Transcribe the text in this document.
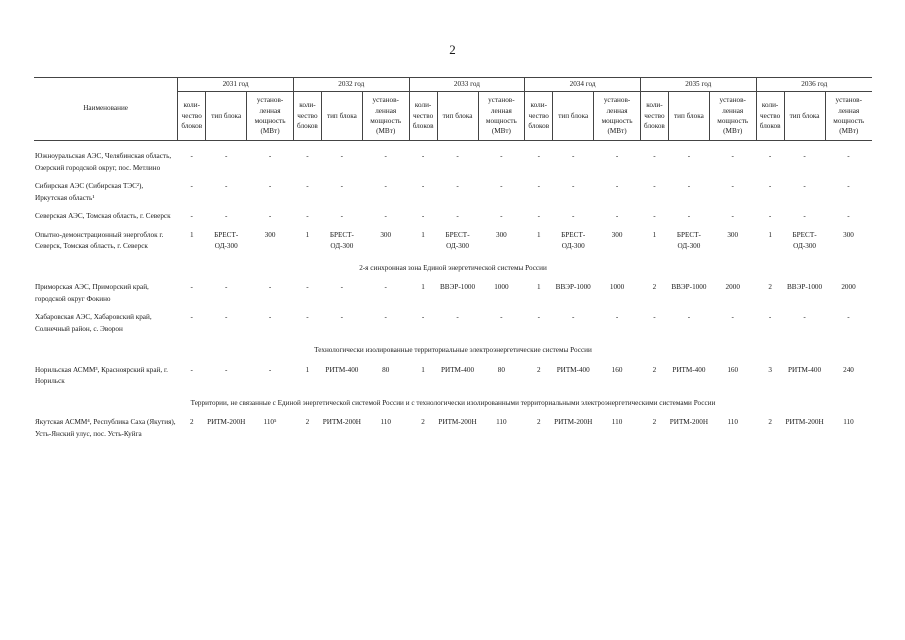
2
Наименование	2031 год			2032 год			2033 год			2034 год			2035 год			2036 год		
	коли-чество блоков	тип блока	установ-ленная мощность (МВт)	коли-чество блоков	тип блока	установ-ленная мощность (МВт)	коли-чество блоков	тип блока	установ-ленная мощность (МВт)	коли-чество блоков	тип блока	установ-ленная мощность (МВт)	коли-чество блоков	тип блока	установ-ленная мощность (МВт)	коли-чество блоков	тип блока	установ-ленная мощность (МВт)

Южноуральская АЭС, Челябинская область, Озерский городской округ, пос. Метлино	-	-	-	-	-	-	-	-	-	-	-	-	-	-	-	-	-	-
Сибирская АЭС (Сибирская ТЭС²), Иркутская область¹	-	-	-	-	-	-	-	-	-	-	-	-	-	-	-	-	-	-
Северская АЭС, Томская область, г. Северск	-	-	-	-	-	-	-	-	-	-	-	-	-	-	-	-	-	-
Опытно-демонстрационный энергоблок г. Северск, Томская область, г. Северск	1	БРЕСТ-ОД-300	300	1	БРЕСТ-ОД-300	300	1	БРЕСТ-ОД-300	300	1	БРЕСТ-ОД-300	300	1	БРЕСТ-ОД-300	300	1	БРЕСТ-ОД-300	300
2-я синхронная зона Единой энергетической системы России																		
Приморская АЭС, Приморский край, городской округ Фокино	-	-	-	-	-	-	1	ВВЭР-1000	1000	1	ВВЭР-1000	1000	2	ВВЭР-1000	2000	2	ВВЭР-1000	2000
Хабаровская АЭС, Хабаровский край, Солнечный район, с. Эворон	-	-	-	-	-	-	-	-	-	-	-	-	-	-	-	-	-	-
Технологически изолированные территориальные электроэнергетические системы России																		
Норильская АСММ³, Красноярский край, г. Норильск	-	-	-	1	РИТМ-400	80	1	РИТМ-400	80	2	РИТМ-400	160	2	РИТМ-400	160	3	РИТМ-400	240
Территории, не связанные с Единой энергетической системой России и с технологически изолированными территориальными электроэнергетическими системами России																		
Якутская АСММ⁴, Республика Саха (Якутия), Усть-Янский улус, пос. Усть-Куйга	2	РИТМ-200Н	110⁵	2	РИТМ-200Н	110	2	РИТМ-200Н	110	2	РИТМ-200Н	110	2	РИТМ-200Н	110	2	РИТМ-200Н	110
